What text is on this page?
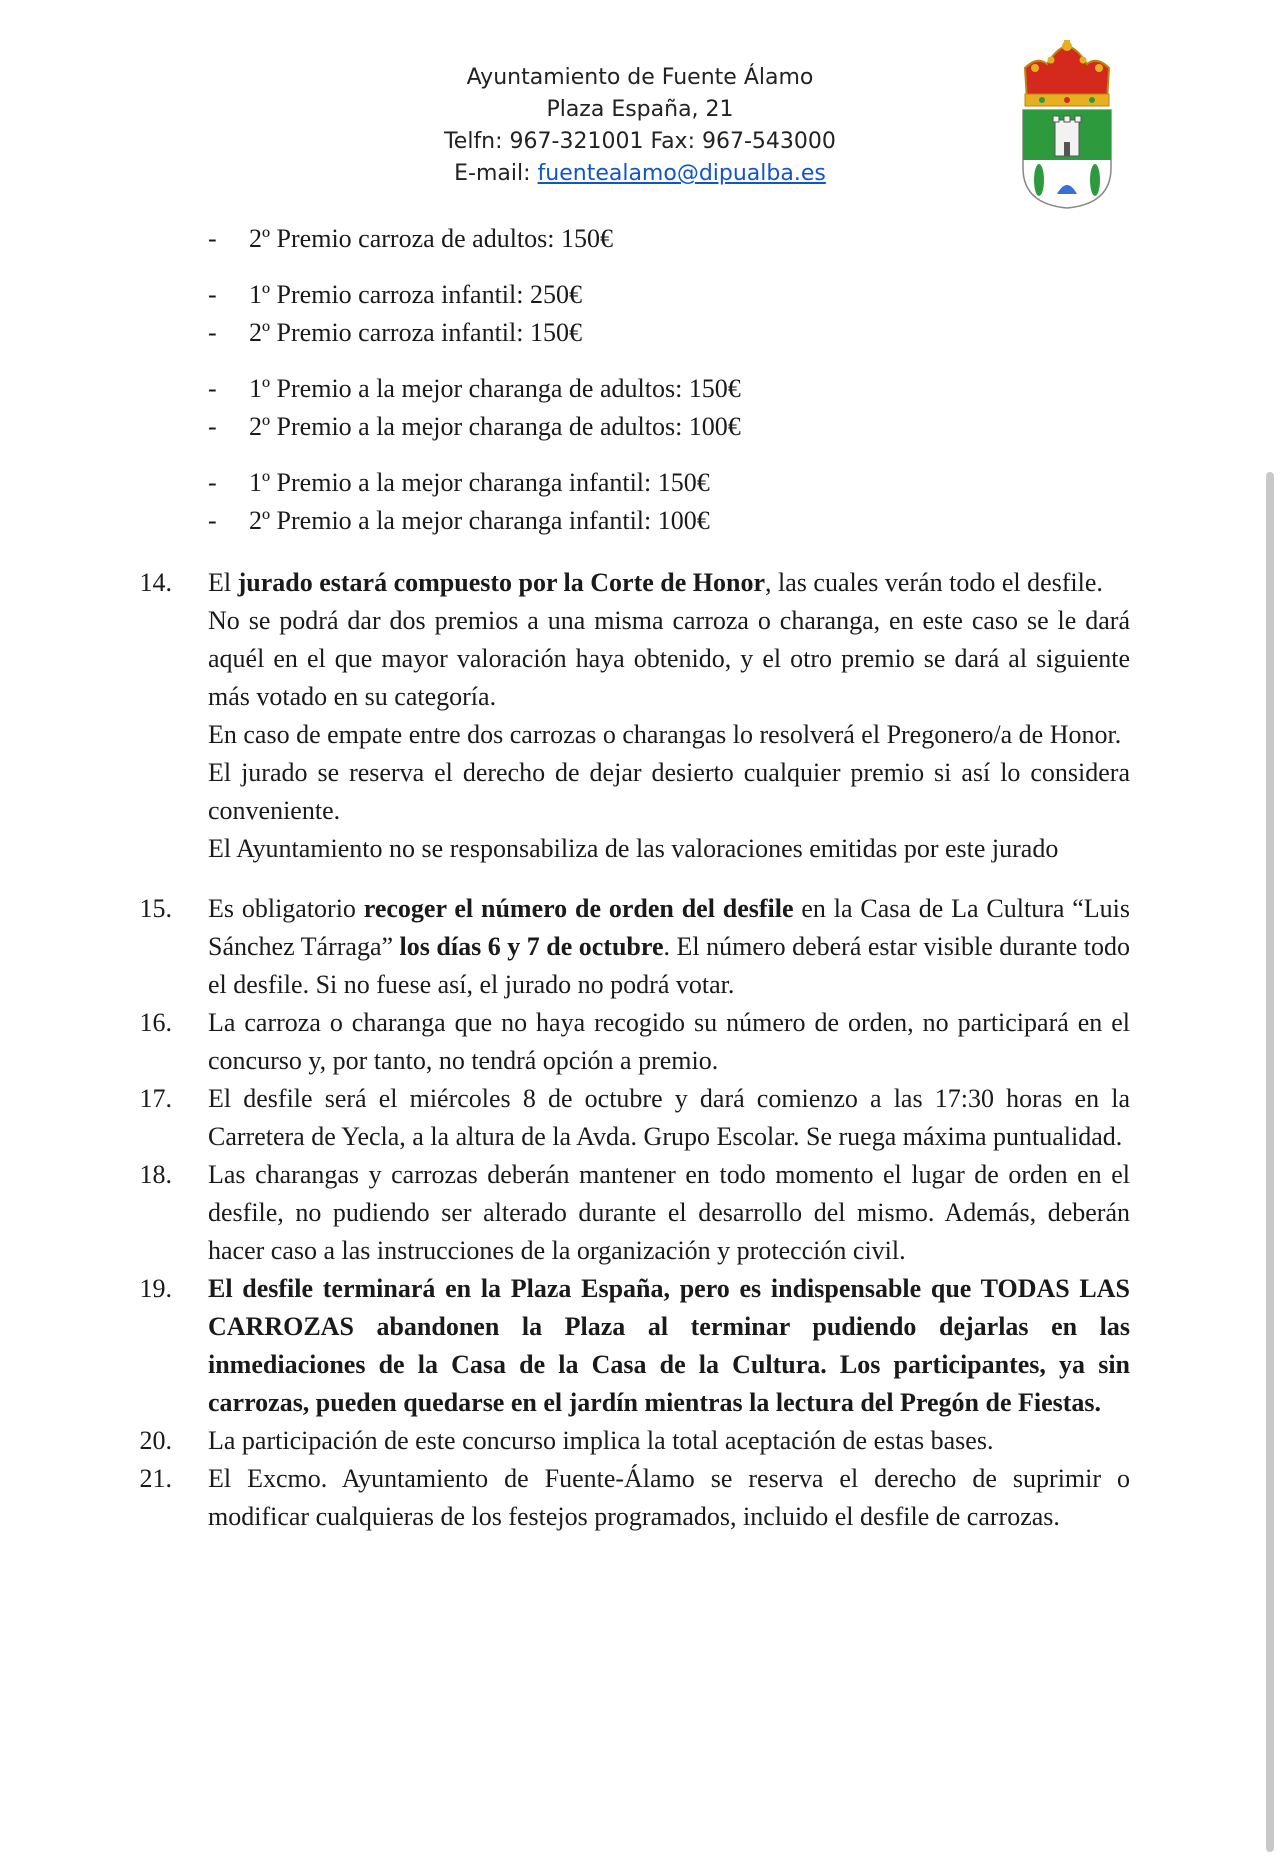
Ayuntamiento de Fuente Álamo
Plaza España, 21
Telfn: 967-321001 Fax: 967-543000
E-mail: fuentealamo@dipualba.es
- 2º Premio carroza de adultos: 150€
- 1º Premio carroza infantil: 250€
- 2º Premio carroza infantil: 150€
- 1º Premio a la mejor charanga de adultos: 150€
- 2º Premio a la mejor charanga de adultos: 100€
- 1º Premio a la mejor charanga infantil: 150€
- 2º Premio a la mejor charanga infantil: 100€
14. El jurado estará compuesto por la Corte de Honor, las cuales verán todo el desfile.

No se podrá dar dos premios a una misma carroza o charanga, en este caso se le dará aquél en el que mayor valoración haya obtenido, y el otro premio se dará al siguiente más votado en su categoría.

En caso de empate entre dos carrozas o charangas lo resolverá el Pregonero/a de Honor.

El jurado se reserva el derecho de dejar desierto cualquier premio si así lo considera conveniente.

El Ayuntamiento no se responsabiliza de las valoraciones emitidas por este jurado

15. Es obligatorio recoger el número de orden del desfile en la Casa de La Cultura “Luis Sánchez Tárraga” los días 6 y 7 de octubre. El número deberá estar visible durante todo el desfile. Si no fuese así, el jurado no podrá votar.

16. La carroza o charanga que no haya recogido su número de orden, no participará en el concurso y, por tanto, no tendrá opción a premio.

17. El desfile será el miércoles 8 de octubre y dará comienzo a las 17:30 horas en la Carretera de Yecla, a la altura de la Avda. Grupo Escolar. Se ruega máxima puntualidad.

18. Las charangas y carrozas deberán mantener en todo momento el lugar de orden en el desfile, no pudiendo ser alterado durante el desarrollo del mismo. Además, deberán hacer caso a las instrucciones de la organización y protección civil.

19. El desfile terminará en la Plaza España, pero es indispensable que TODAS LAS CARROZAS abandonen la Plaza al terminar pudiendo dejarlas en las inmediaciones de la Casa de la Casa de la Cultura. Los participantes, ya sin carrozas, pueden quedarse en el jardín mientras la lectura del Pregón de Fiestas.

20. La participación de este concurso implica la total aceptación de estas bases.

21. El Excmo. Ayuntamiento de Fuente-Álamo se reserva el derecho de suprimir o modificar cualquieras de los festejos programados, incluido el desfile de carrozas.
